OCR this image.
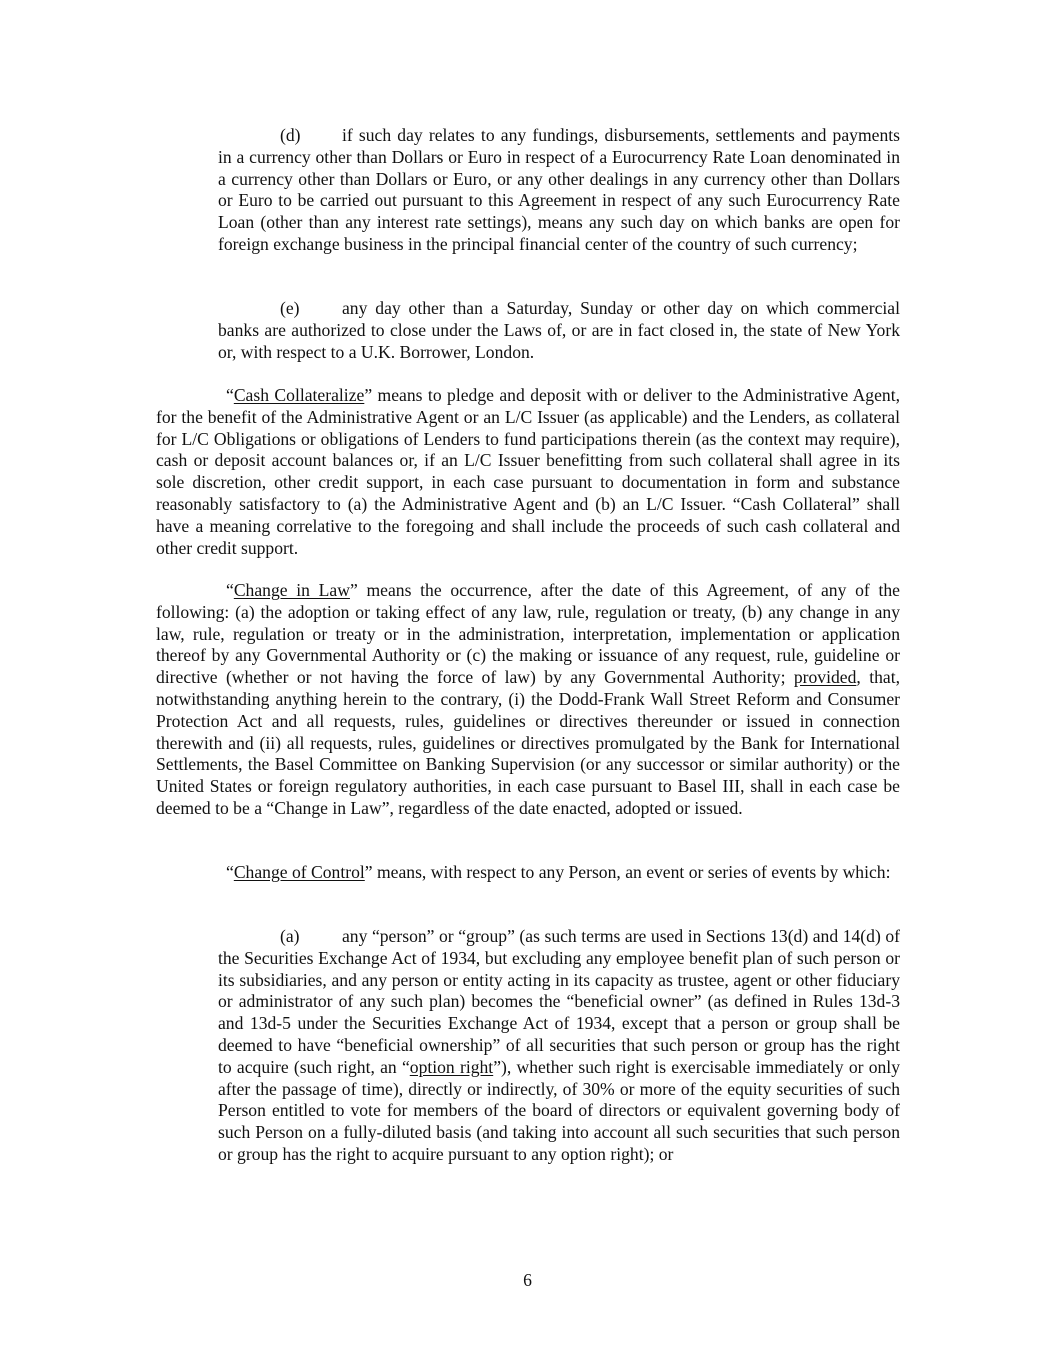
(d) if such day relates to any fundings, disbursements, settlements and payments in a currency other than Dollars or Euro in respect of a Eurocurrency Rate Loan denominated in a currency other than Dollars or Euro, or any other dealings in any currency other than Dollars or Euro to be carried out pursuant to this Agreement in respect of any such Eurocurrency Rate Loan (other than any interest rate settings), means any such day on which banks are open for foreign exchange business in the principal financial center of the country of such currency;

(e) any day other than a Saturday, Sunday or other day on which commercial banks are authorized to close under the Laws of, or are in fact closed in, the state of New York or, with respect to a U.K. Borrower, London.

“Cash Collateralize” means to pledge and deposit with or deliver to the Administrative Agent, for the benefit of the Administrative Agent or an L/C Issuer (as applicable) and the Lenders, as collateral for L/C Obligations or obligations of Lenders to fund participations therein (as the context may require), cash or deposit account balances or, if an L/C Issuer benefitting from such collateral shall agree in its sole discretion, other credit support, in each case pursuant to documentation in form and substance reasonably satisfactory to (a) the Administrative Agent and (b) an L/C Issuer. “Cash Collateral” shall have a meaning correlative to the foregoing and shall include the proceeds of such cash collateral and other credit support.

“Change in Law” means the occurrence, after the date of this Agreement, of any of the following: (a) the adoption or taking effect of any law, rule, regulation or treaty, (b) any change in any law, rule, regulation or treaty or in the administration, interpretation, implementation or application thereof by any Governmental Authority or (c) the making or issuance of any request, rule, guideline or directive (whether or not having the force of law) by any Governmental Authority; provided, that, notwithstanding anything herein to the contrary, (i) the Dodd-Frank Wall Street Reform and Consumer Protection Act and all requests, rules, guidelines or directives thereunder or issued in connection therewith and (ii) all requests, rules, guidelines or directives promulgated by the Bank for International Settlements, the Basel Committee on Banking Supervision (or any successor or similar authority) or the United States or foreign regulatory authorities, in each case pursuant to Basel III, shall in each case be deemed to be a “Change in Law”, regardless of the date enacted, adopted or issued.

“Change of Control” means, with respect to any Person, an event or series of events by which:

(a) any “person” or “group” (as such terms are used in Sections 13(d) and 14(d) of the Securities Exchange Act of 1934, but excluding any employee benefit plan of such person or its subsidiaries, and any person or entity acting in its capacity as trustee, agent or other fiduciary or administrator of any such plan) becomes the “beneficial owner” (as defined in Rules 13d-3 and 13d-5 under the Securities Exchange Act of 1934, except that a person or group shall be deemed to have “beneficial ownership” of all securities that such person or group has the right to acquire (such right, an “option right”), whether such right is exercisable immediately or only after the passage of time), directly or indirectly, of 30% or more of the equity securities of such Person entitled to vote for members of the board of directors or equivalent governing body of such Person on a fully-diluted basis (and taking into account all such securities that such person or group has the right to acquire pursuant to any option right); or

6
